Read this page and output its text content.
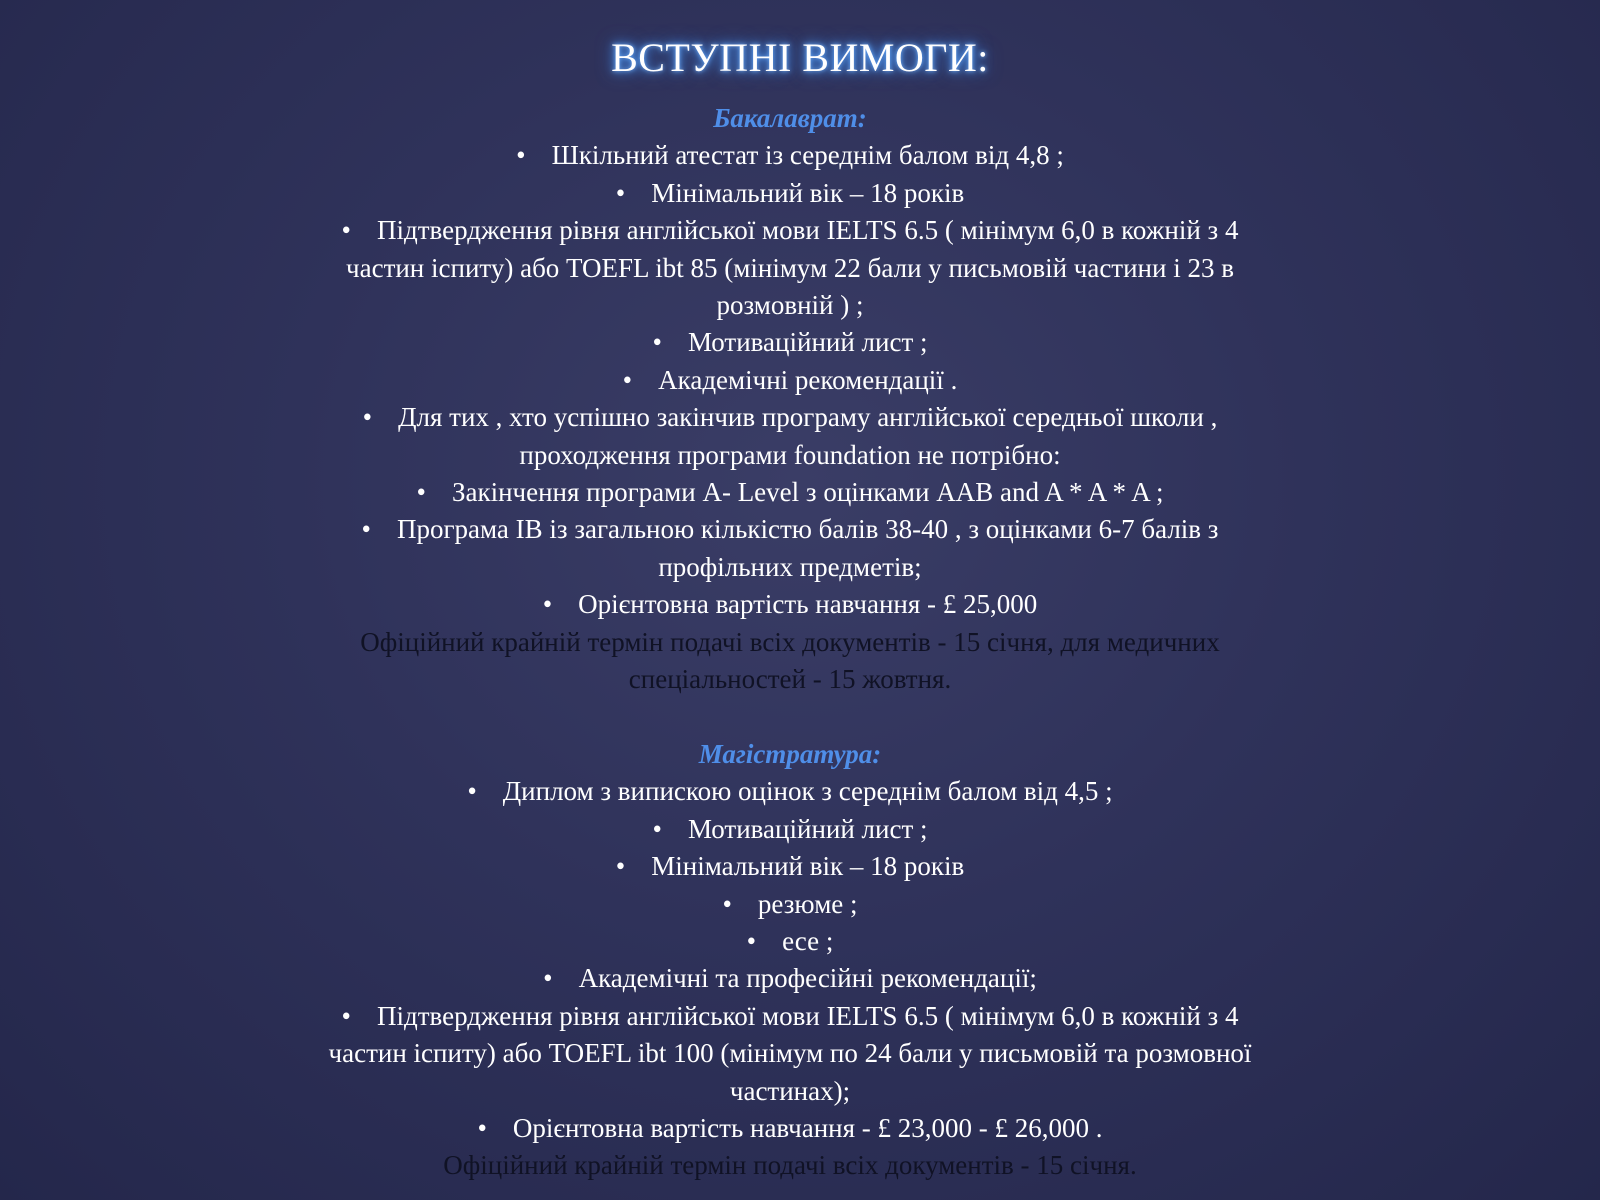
ВСТУПНІ ВИМОГИ:
Бакалаврат:
• Шкільний атестат із середнім балом від 4,8 ;
• Мінімальний вік – 18 років
• Підтвердження рівня англійської мови IELTS 6.5 ( мінімум 6,0 в кожній з 4 частин іспиту) або TOEFL ibt 85 (мінімум 22 бали у письмовій частини і 23 в розмовній ) ;
• Мотиваційний лист ;
• Академічні рекомендації .
• Для тих , хто успішно закінчив програму англійської середньої школи , проходження програми foundation не потрібно:
• Закінчення програми A- Level з оцінками AAB and A * A * A ;
• Програма IB із загальною кількістю балів 38-40 , з оцінками 6-7 балів з профільних предметів;
• Орієнтовна вартість навчання - £ 25,000
Офіційний крайній термін подачі всіх документів - 15 січня, для медичних спеціальностей - 15 жовтня.
Магістратура:
• Диплом з випискою оцінок з середнім балом від 4,5 ;
• Мотиваційний лист ;
• Мінімальний вік – 18 років
• резюме ;
• есе ;
• Академічні та професійні рекомендації;
• Підтвердження рівня англійської мови IELTS 6.5 ( мінімум 6,0 в кожній з 4 частин іспиту) або TOEFL ibt 100 (мінімум по 24 бали у письмовій та розмовної частинах);
• Орієнтовна вартість навчання - £ 23,000 - £ 26,000 .
Офіційний крайній термін подачі всіх документів - 15 січня.
